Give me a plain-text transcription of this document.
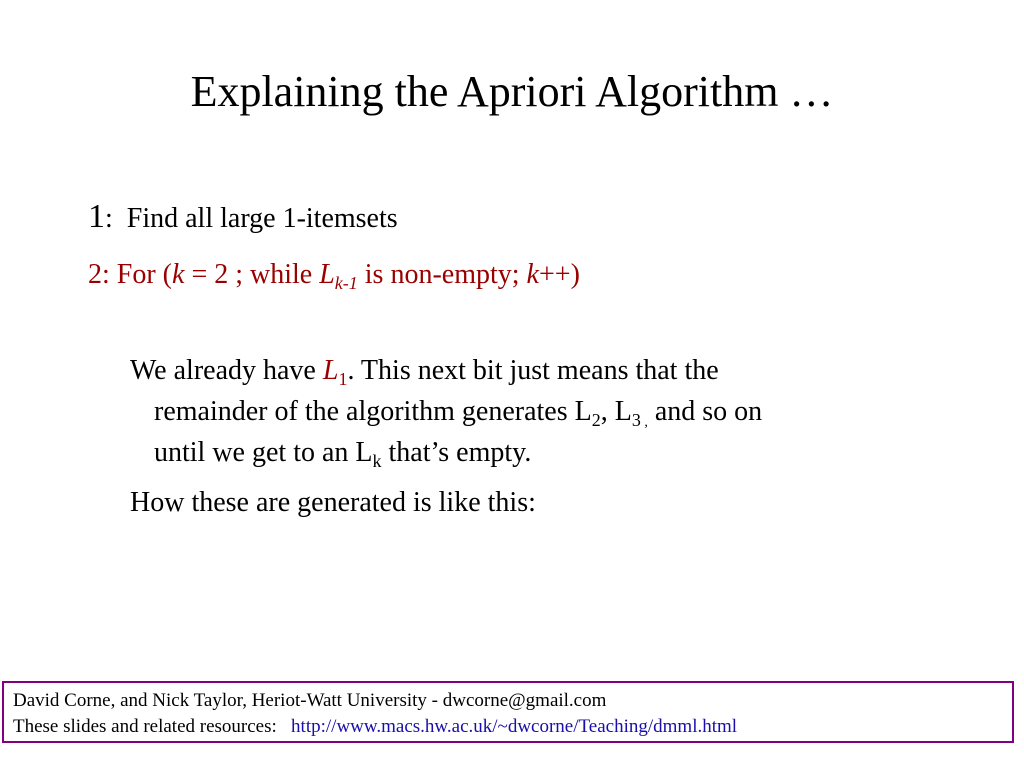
Explaining the Apriori Algorithm …
1: Find all large 1-itemsets
2: For (k = 2 ; while $L_{k-1}$ is non-empty; k++)
We already have $L_1$. This next bit just means that the
remainder of the algorithm generates $L_2$, $L_{3 ,}$ and so on
until we get to an $L_k$ that’s empty.
How these are generated is like this:
David Corne, and Nick Taylor, Heriot-Watt University - dwcorne@gmail.com
These slides and related resources:   http://www.macs.hw.ac.uk/~dwcorne/Teaching/dmml.html
